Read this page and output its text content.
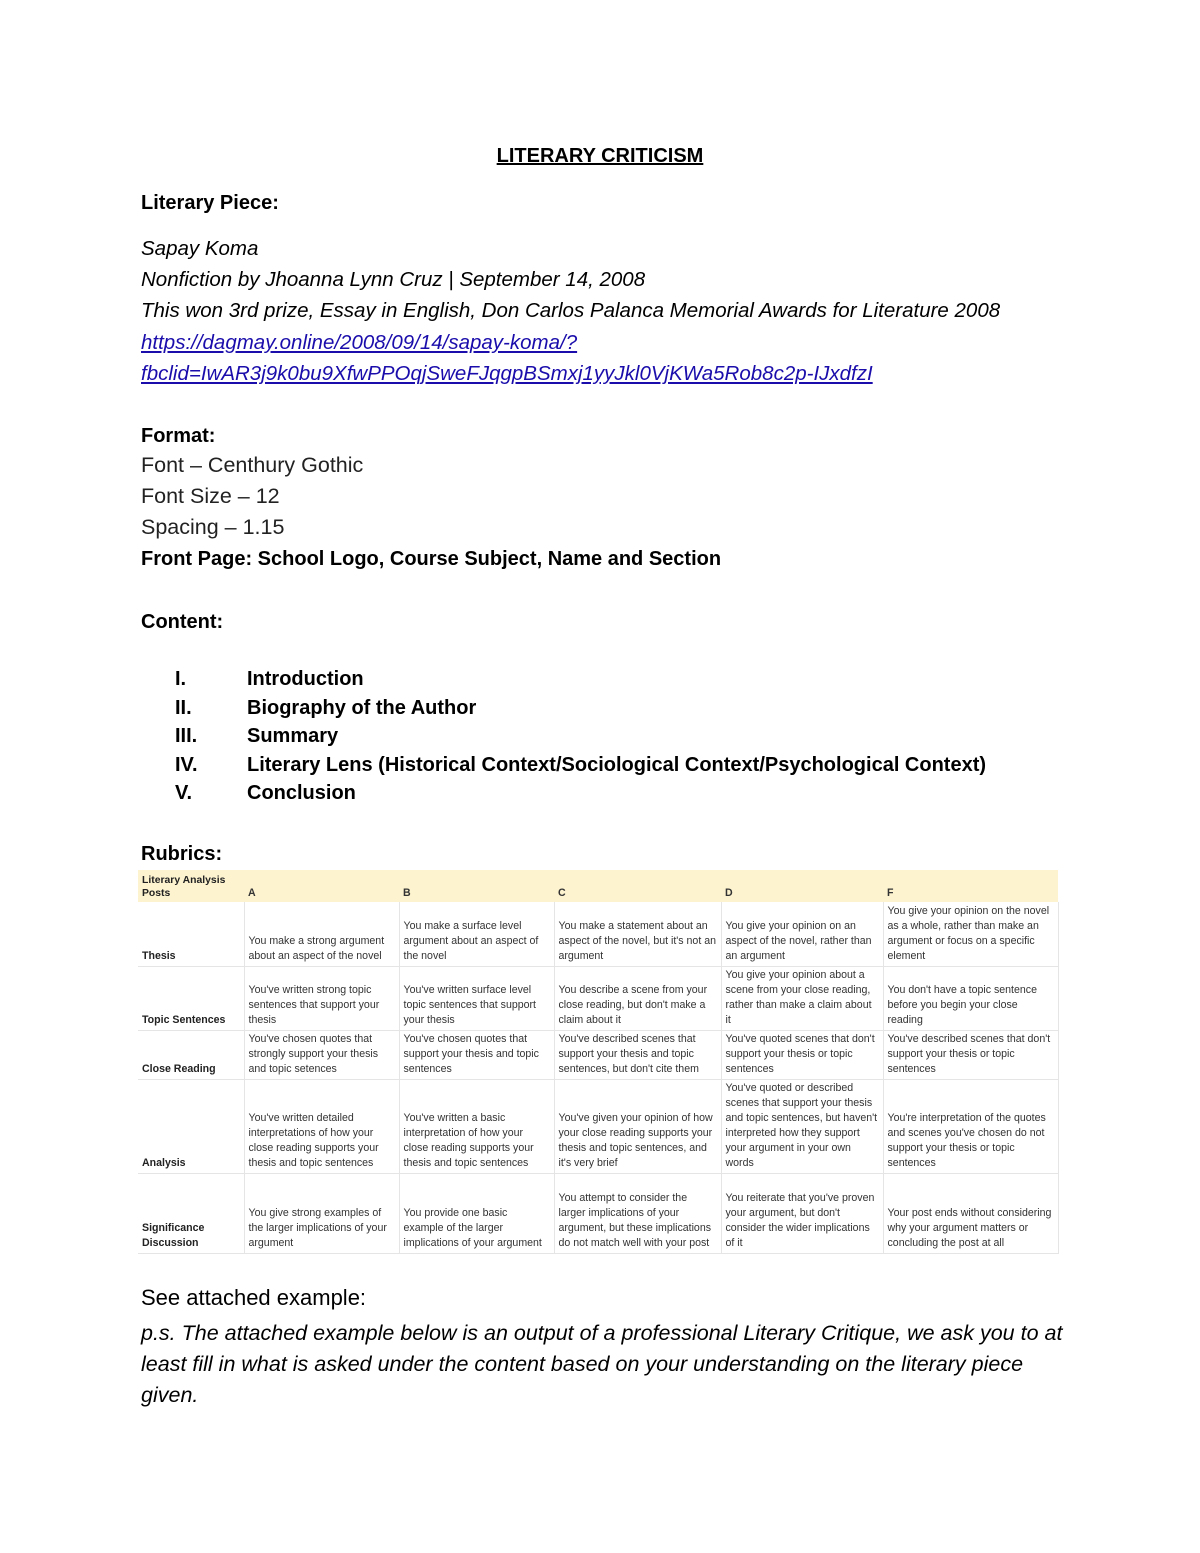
LITERARY CRITICISM
Literary Piece:
Sapay Koma
Nonfiction by Jhoanna Lynn Cruz | September 14, 2008
This won 3rd prize, Essay in English, Don Carlos Palanca Memorial Awards for Literature 2008
https://dagmay.online/2008/09/14/sapay-koma/?
fbclid=IwAR3j9k0bu9XfwPPOqjSweFJqgpBSmxj1yyJkl0VjKWa5Rob8c2p-IJxdfzI
Format:
Font – Centhury Gothic
Font Size – 12
Spacing – 1.15
Front Page: School Logo, Course Subject, Name and Section
Content:
I.	Introduction
II.	Biography of the Author
III.	Summary
IV.	Literary Lens (Historical Context/Sociological Context/Psychological Context)
V.	Conclusion
Rubrics:
Literary Analysis Posts	A	B	C	D	F
Thesis	You make a strong argument about an aspect of the novel	You make a surface level argument about an aspect of the novel	You make a statement about an aspect of the novel, but it's not an argument	You give your opinion on an aspect of the novel, rather than an argument	You give your opinion on the novel as a whole, rather than make an argument or focus on a specific element
Topic Sentences	You've written strong topic sentences that support your thesis	You've written surface level topic sentences that support your thesis	You describe a scene from your close reading, but don't make a claim about it	You give your opinion about a scene from your close reading, rather than make a claim about it	You don't have a topic sentence before you begin your close reading
Close Reading	You've chosen quotes that strongly support your thesis and topic setences	You've chosen quotes that support your thesis and topic sentences	You've described scenes that support your thesis and topic sentences, but don't cite them	You've quoted scenes that don't support your thesis or topic sentences	You've described scenes that don't support your thesis or topic sentences
Analysis	You've written detailed interpretations of how your close reading supports your thesis and topic sentences	You've written a basic interpretation of how your close reading supports your thesis and topic sentences	You've given your opinion of how your close reading supports your thesis and topic sentences, and it's very brief	You've quoted or described scenes that support your thesis and topic sentences, but haven't interpreted how they support your argument in your own words	You're interpretation of the quotes and scenes you've chosen do not support your thesis or topic sentences
Significance Discussion	You give strong examples of the larger implications of your argument	You provide one basic example of the larger implications of your argument	You attempt to consider the larger implications of your argument, but these implications do not match well with your post	You reiterate that you've proven your argument, but don't consider the wider implications of it	Your post ends without considering why your argument matters or concluding the post at all
See attached example:
p.s. The attached example below is an output of a professional Literary Critique, we ask you to at least fill in what is asked under the content based on your understanding on the literary piece given.
